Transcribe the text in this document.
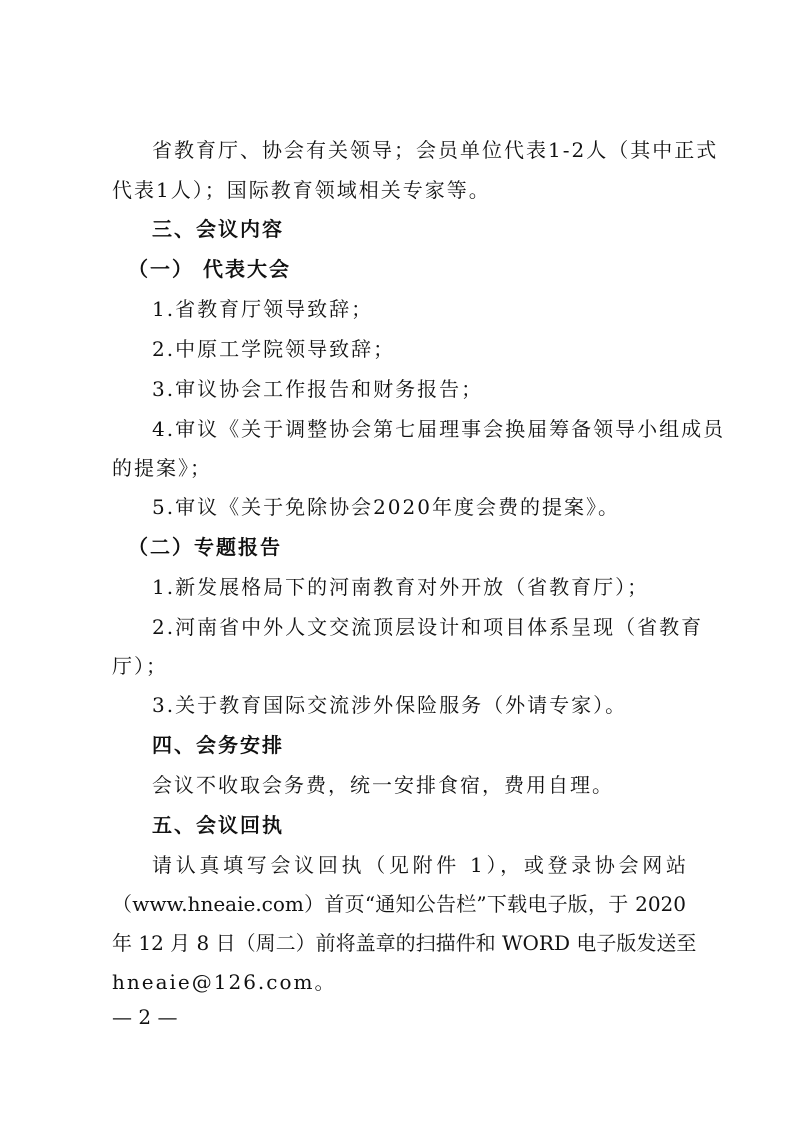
省教育厅、协会有关领导；会员单位代表1-2人（其中正式
代表1人）；国际教育领域相关专家等。
三、会议内容
（一） 代表大会
1.省教育厅领导致辞；
2.中原工学院领导致辞；
3.审议协会工作报告和财务报告；
4.审议《关于调整协会第七届理事会换届筹备领导小组成员
的提案》；
5.审议《关于免除协会2020年度会费的提案》。
（二）专题报告
1.新发展格局下的河南教育对外开放（省教育厅）；
2.河南省中外人文交流顶层设计和项目体系呈现（省教育
厅）；
3.关于教育国际交流涉外保险服务（外请专家）。
四、会务安排
会议不收取会务费，统一安排食宿，费用自理。
五、会议回执
请认真填写会议回执（见附件 1），或登录协会网站
（www.hneaie.com）首页“通知公告栏”下载电子版，于 2020
年 12 月 8 日（周二）前将盖章的扫描件和 WORD 电子版发送至
hneaie@126.com。
— 2 —
